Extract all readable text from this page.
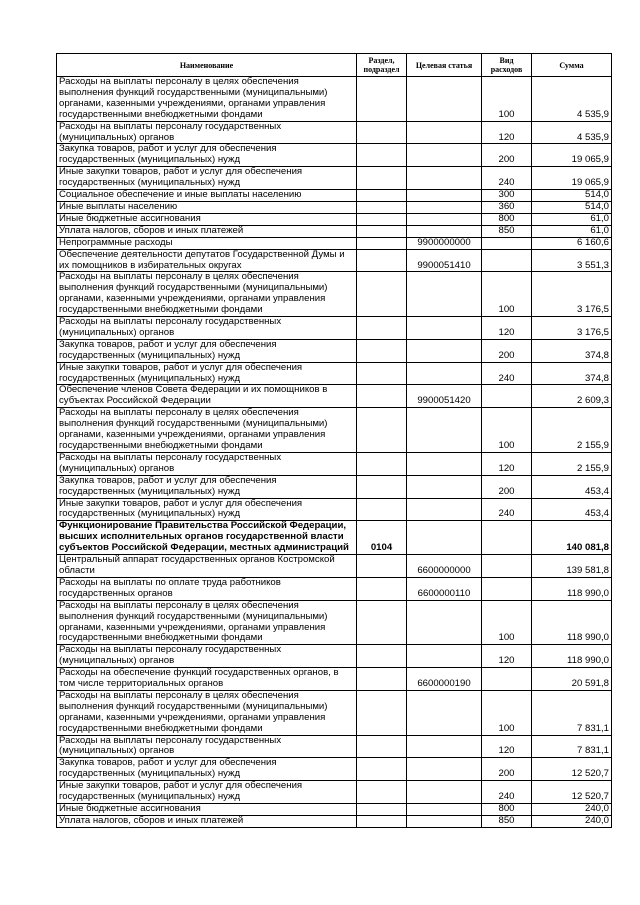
Наименование	Раздел, подраздел	Целевая статья	Вид расходов	Сумма
Расходы на выплаты персоналу в целях обеспечения выполнения функций государственными (муниципальными) органами, казенными учреждениями, органами управления государственными внебюджетными фондами			100	4 535,9
Расходы на выплаты персоналу государственных (муниципальных) органов			120	4 535,9
Закупка товаров, работ и услуг для обеспечения государственных (муниципальных) нужд			200	19 065,9
Иные закупки товаров, работ и услуг для обеспечения государственных (муниципальных) нужд			240	19 065,9
Социальное обеспечение и иные выплаты населению			300	514,0
Иные выплаты населению			360	514,0
Иные бюджетные ассигнования			800	61,0
Уплата налогов, сборов и иных платежей			850	61,0
Непрограммные расходы		9900000000		6 160,6
Обеспечение деятельности депутатов Государственной Думы и их помощников в избирательных округах		9900051410		3 551,3
Расходы на выплаты персоналу в целях обеспечения выполнения функций государственными (муниципальными) органами, казенными учреждениями, органами управления государственными внебюджетными фондами			100	3 176,5
Расходы на выплаты персоналу государственных (муниципальных) органов			120	3 176,5
Закупка товаров, работ и услуг для обеспечения государственных (муниципальных) нужд			200	374,8
Иные закупки товаров, работ и услуг для обеспечения государственных (муниципальных) нужд			240	374,8
Обеспечение членов Совета Федерации и их помощников в субъектах Российской Федерации		9900051420		2 609,3
Расходы на выплаты персоналу в целях обеспечения выполнения функций государственными (муниципальными) органами, казенными учреждениями, органами управления государственными внебюджетными фондами			100	2 155,9
Расходы на выплаты персоналу государственных (муниципальных) органов			120	2 155,9
Закупка товаров, работ и услуг для обеспечения государственных (муниципальных) нужд			200	453,4
Иные закупки товаров, работ и услуг для обеспечения государственных (муниципальных) нужд			240	453,4
Функционирование Правительства Российской Федерации, высших исполнительных органов государственной власти субъектов Российской Федерации, местных администраций	0104			140 081,8
Центральный аппарат государственных органов Костромской области		6600000000		139 581,8
Расходы на выплаты по оплате труда работников государственных органов		6600000110		118 990,0
Расходы на выплаты персоналу в целях обеспечения выполнения функций государственными (муниципальными) органами, казенными учреждениями, органами управления государственными внебюджетными фондами			100	118 990,0
Расходы на выплаты персоналу государственных (муниципальных) органов			120	118 990,0
Расходы на обеспечение функций государственных органов, в том числе территориальных органов		6600000190		20 591,8
Расходы на выплаты персоналу в целях обеспечения выполнения функций государственными (муниципальными) органами, казенными учреждениями, органами управления государственными внебюджетными фондами			100	7 831,1
Расходы на выплаты персоналу государственных (муниципальных) органов			120	7 831,1
Закупка товаров, работ и услуг для обеспечения государственных (муниципальных) нужд			200	12 520,7
Иные закупки товаров, работ и услуг для обеспечения государственных (муниципальных) нужд			240	12 520,7
Иные бюджетные ассигнования			800	240,0
Уплата налогов, сборов и иных платежей			850	240,0
